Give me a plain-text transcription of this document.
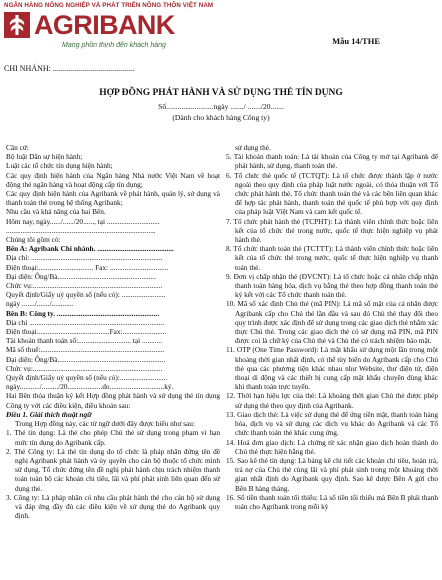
NGÂN HÀNG NÔNG NGHIỆP VÀ PHÁT TRIỂN NÔNG THÔN VIỆT NAM
AGRIBANK
Mang phồn thịnh đến khách hàng	Mẫu 14/THE
CHI NHÁNH: .........................................
HỢP ĐỒNG PHÁT HÀNH VÀ SỬ DỤNG THẺ TÍN DỤNG
Số.........................ngày ......./ ......./20.......
(Dành cho khách hàng Công ty)

Căn cứ:

Bộ luật Dân sự hiện hành;

Luật các tổ chức tín dụng hiện hành;

Các quy định hiện hành của Ngân hàng Nhà nước Việt Nam về hoạt động thẻ ngân hàng và hoạt động cấp tín dụng;

Các quy định hiện hành của Agribank về phát hành, quản lý, sử dụng và thanh toán thẻ trong hệ thống Agribank;

Nhu cầu và khả năng của hai Bên.

Hôm nay, ngày....../....../20......, tại .............................

..................................................................................

Chúng tôi gồm có:

Bên A: Agribank Chi nhánh. ..........................................

Địa chỉ: ........................................................................

Điện thoại:.............................. Fax: ................................

Đại diện: Ông/Bà......................................................

Chức vụ:.......................................................................

Quyết định/Giấy uỷ quyền số (nếu có): ........................

ngày ......./......./............

Bên B: Công ty. ........................................................

Địa chỉ ..........................................................................

Điện thoại........................................Fax:........................

Tài khoản thanh toán số:............................. tại ...........

Mã số thuế:....................................................................

Đại diện: Ông/Bà...........................................................

Chức vụ:.......................................................................

Quyết định/Giấy uỷ quyền số (nếu có):..........................

ngày.........../........./20...................do..............................ký.

Hai Bên thỏa thuận ký kết Hợp đồng phát hành và sử dụng thẻ tín dụng Công ty với các điều kiện, điều khoản sau:

Điều 1. Giải thích thuật ngữ

Trong Hợp đồng này, các từ ngữ dưới đây được hiểu như sau:

1. Thẻ tín dụng: Là thẻ cho phép Chủ thẻ sử dụng trong phạm vi hạn mức tín dụng do Agribank cấp.

2. Thẻ Công ty: Là thẻ tín dụng do tổ chức là pháp nhân đứng tên đề nghị Agribank phát hành và ủy quyền cho cán bộ thuộc tổ chức mình sử dụng. Tổ chức đứng tên đề nghị phát hành chịu trách nhiệm thanh toán toàn bộ các khoản chi tiêu, lãi và phí phát sinh liên quan đến sử dụng thẻ.

3. Công ty: Là pháp nhân có nhu cầu phát hành thẻ cho cán bộ sử dụng và đáp ứng đầy đủ các điều kiện về sử dụng thẻ do Agribank quy định.

sử dụng thẻ.

5. Tài khoản thanh toán: Là tài khoản của Công ty mở tại Agribank để phát hành, sử dụng, thanh toán thẻ.

6. Tổ chức thẻ quốc tế (TCTQT): Là tổ chức được thành lập ở nước ngoài theo quy định của pháp luật nước ngoài, có thỏa thuận với Tổ chức phát hành thẻ, Tổ chức thanh toán thẻ và các bên liên quan khác để hợp tác phát hành, thanh toán thẻ quốc tế phù hợp với quy định của pháp luật Việt Nam và cam kết quốc tế.

7. Tổ chức phát hành thẻ (TCPHT): Là thành viên chính thức hoặc liên kết của tổ chức thẻ trong nước, quốc tế thực hiện nghiệp vụ phát hành thẻ.

8. Tổ chức thanh toán thẻ (TCTTT): Là thành viên chính thức hoặc liên kết của tổ chức thẻ trong nước, quốc tế thực hiện nghiệp vụ thanh toán thẻ.

9. Đơn vị chấp nhận thẻ (ĐVCNT): Là tổ chức hoặc cá nhân chấp nhận thanh toán hàng hóa, dịch vụ bằng thẻ theo hợp đồng thanh toán thẻ ký kết với các Tổ chức thanh toán thẻ.

10. Mã số xác định Chủ thẻ (mã PIN): Là mã số mật của cá nhân được Agribank cấp cho Chủ thẻ lần đầu và sau đó Chủ thẻ thay đổi theo quy trình được xác định để sử dụng trong các giao dịch thẻ nhằm xác thực Chủ thẻ. Trong các giao dịch thẻ có sử dụng mã PIN, mã PIN được coi là chữ ký của Chủ thẻ và Chủ thẻ có trách nhiệm bảo mật.

11. OTP (One Time Password): Là mật khẩu sử dụng một lần trong một khoảng thời gian nhất định, có thể tùy biến do Agribank cấp cho Chủ thẻ qua các phương tiện khác nhau như Website, thư điện tử, điện thoại di động và các thiết bị cung cấp mật khẩu chuyên dùng khác khi thanh toán trực tuyến.

12. Thời hạn hiệu lực của thẻ: Là khoảng thời gian Chủ thẻ được phép sử dụng thẻ theo quy định của Agribank.

13. Giao dịch thẻ: Là việc sử dụng thẻ để ứng tiền mặt, thanh toán hàng hóa, dịch vụ và sử dụng các dịch vụ khác do Agribank và các Tổ chức thanh toán thẻ khác cung ứng.

14. Hoá đơn giao dịch: Là chứng từ xác nhận giao dịch hoàn thành do Chủ thẻ thực hiện bằng thẻ.

15. Sao kê thẻ tín dụng: Là bảng kê chi tiết các khoản chi tiêu, hoàn trả, trả nợ của Chủ thẻ cùng lãi và phí phát sinh trong một khoảng thời gian nhất định do Agribank quy định. Sao kê được Bên A gửi cho Bên B hàng tháng.

16. Số tiền thanh toán tối thiểu: Là số tiền tối thiểu mà Bên B phải thanh toán cho Agribank trong mỗi kỳ
